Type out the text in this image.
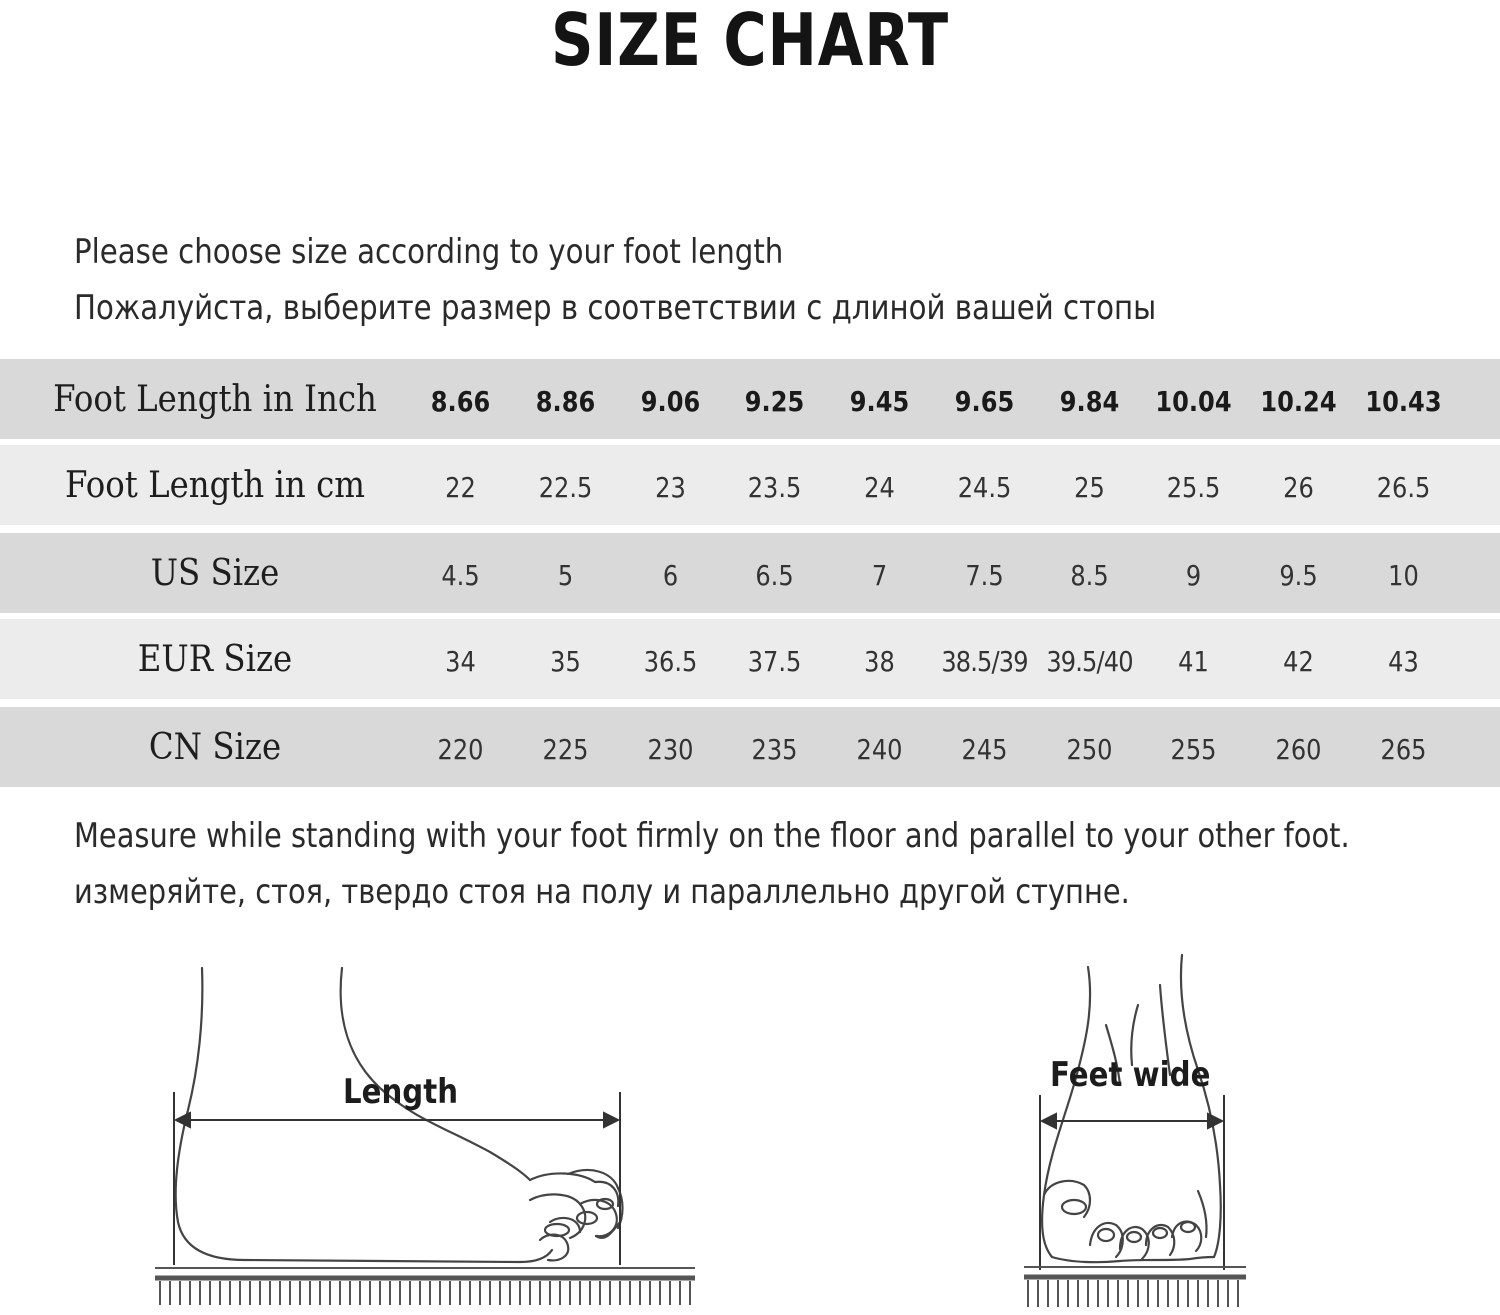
SIZE CHART
Please choose size according to your foot length
Пожалуйста, выберите размер в соответствии с длиной вашей стопы
Foot Length in Inch	8.66	8.86	9.06	9.25	9.45	9.65	9.84	10.04 10.24 10.43
Foot Length in cm	22	22.5	23	23.5	24	24.5	25	25.5	26	26.5
US Size	4.5	5	6	6.5	7	7.5	8.5	9	9.5	10
EUR Size	34	35	36.5	37.5	38	38.5/39 39.5/40	41	42	43
CN Size	220	225	230	235	240	245	250	255	260	265
Measure while standing with your foot firmly on the floor and parallel to your other foot.
измеряйте, стоя, твердо стоя на полу и параллельно другой ступне.
Length	Feet wide
